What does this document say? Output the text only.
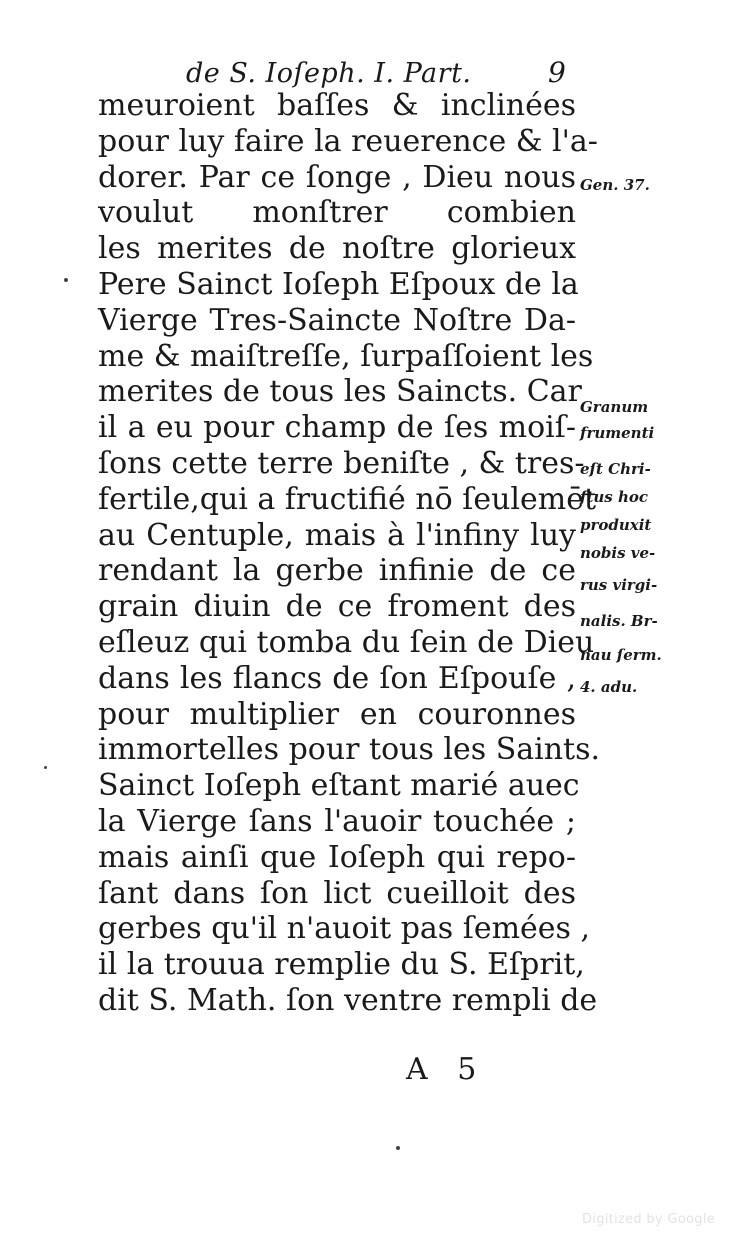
de S. Ioſeph. I. Part.	9
meuroient baſſes & inclinées
pour luy faire la reuerence & l'a-
dorer. Par ce ſonge , Dieu nous
voulut monſtrer combien
les merites de noſtre glorieux
Pere Sainct Ioſeph Eſpoux de la
Vierge Tres-Saincte Noſtre Da-
me & maiſtreſſe, ſurpaſſoient les
merites de tous les Saincts. Car
il a eu pour champ de ſes moiſ-
ſons cette terre beniſte , & tres-
fertile,qui a fructifié nō ſeulemēt
au Centuple, mais à l'infiny luy
rendant la gerbe infinie de ce
grain diuin de ce froment des
eſleuz qui tomba du ſein de Dieu
dans les flancs de ſon Eſpouſe ,
pour multiplier en couronnes
immortelles pour tous les Saints.
Sainct Ioſeph eſtant marié auec
la Vierge ſans l'auoir touchée ;
mais ainſi que Ioſeph qui repo-
ſant dans ſon lict cueilloit des
gerbes qu'il n'auoit pas ſemées ,
il la trouua remplie du S. Eſprit,
dit S. Math. ſon ventre rempli de
Gen. 37.
Granum
frumenti
eſt Chri-
ſtus hoc
produxit
nobis ve-
rus virgi-
nalis. Br-
nau ſerm.
4. adu.
A 5
Digitized by Google
